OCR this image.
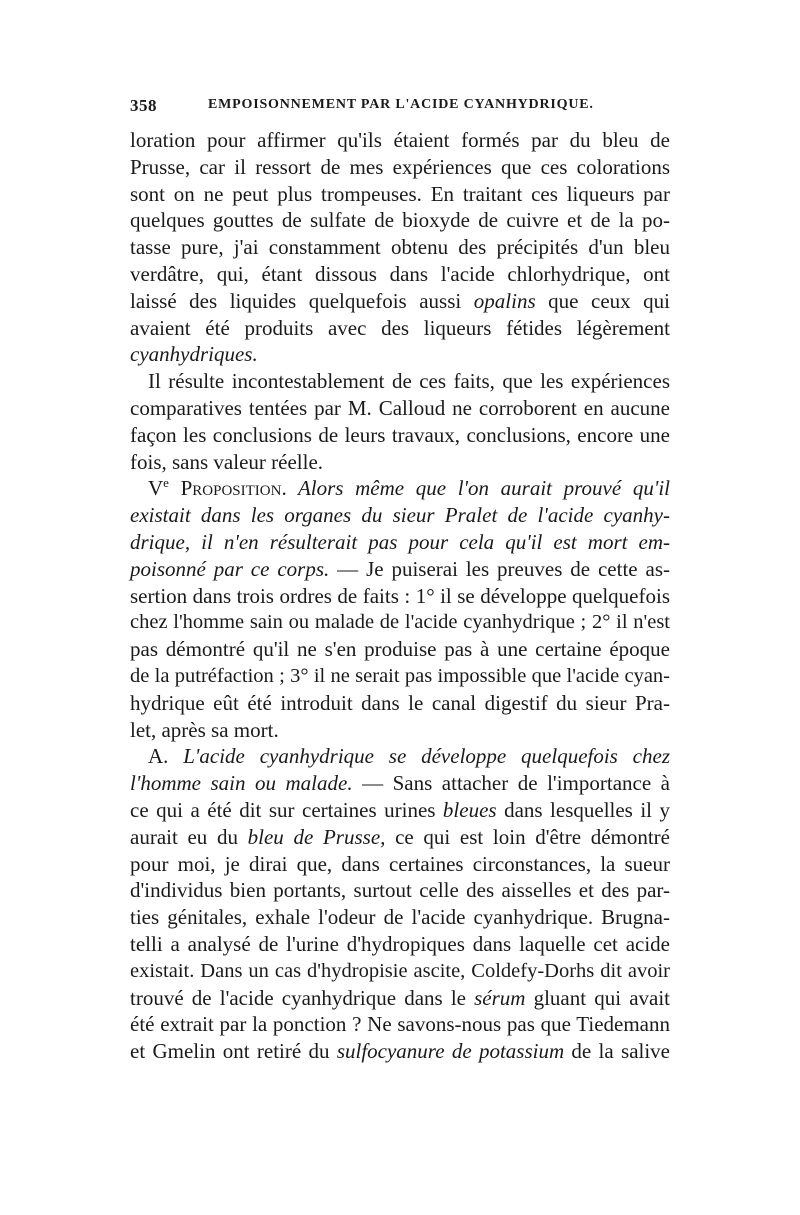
358	EMPOISONNEMENT PAR L'ACIDE CYANHYDRIQUE.
loration pour affirmer qu'ils étaient formés par du bleu de
Prusse, car il ressort de mes expériences que ces colorations
sont on ne peut plus trompeuses. En traitant ces liqueurs par
quelques gouttes de sulfate de bioxyde de cuivre et de la po-
tasse pure, j'ai constamment obtenu des précipités d'un bleu
verdâtre, qui, étant dissous dans l'acide chlorhydrique, ont
laissé des liquides quelquefois aussi opalins que ceux qui
avaient été produits avec des liqueurs fétides légèrement
cyanhydriques.
Il résulte incontestablement de ces faits, que les expériences
comparatives tentées par M. Calloud ne corroborent en aucune
façon les conclusions de leurs travaux, conclusions, encore une
fois, sans valeur réelle.
Ve Proposition. Alors même que l'on aurait prouvé qu'il
existait dans les organes du sieur Pralet de l'acide cyanhy-
drique, il n'en résulterait pas pour cela qu'il est mort em-
poisonné par ce corps. — Je puiserai les preuves de cette as-
sertion dans trois ordres de faits : 1° il se développe quelquefois
chez l'homme sain ou malade de l'acide cyanhydrique ; 2° il n'est
pas démontré qu'il ne s'en produise pas à une certaine époque
de la putréfaction ; 3° il ne serait pas impossible que l'acide cyan-
hydrique eût été introduit dans le canal digestif du sieur Pra-
let, après sa mort.
A. L'acide cyanhydrique se développe quelquefois chez
l'homme sain ou malade. — Sans attacher de l'importance à
ce qui a été dit sur certaines urines bleues dans lesquelles il y
aurait eu du bleu de Prusse, ce qui est loin d'être démontré
pour moi, je dirai que, dans certaines circonstances, la sueur
d'individus bien portants, surtout celle des aisselles et des par-
ties génitales, exhale l'odeur de l'acide cyanhydrique. Brugna-
telli a analysé de l'urine d'hydropiques dans laquelle cet acide
existait. Dans un cas d'hydropisie ascite, Coldefy-Dorhs dit avoir
trouvé de l'acide cyanhydrique dans le sérum gluant qui avait
été extrait par la ponction ? Ne savons-nous pas que Tiedemann
et Gmelin ont retiré du sulfocyanure de potassium de la salive
